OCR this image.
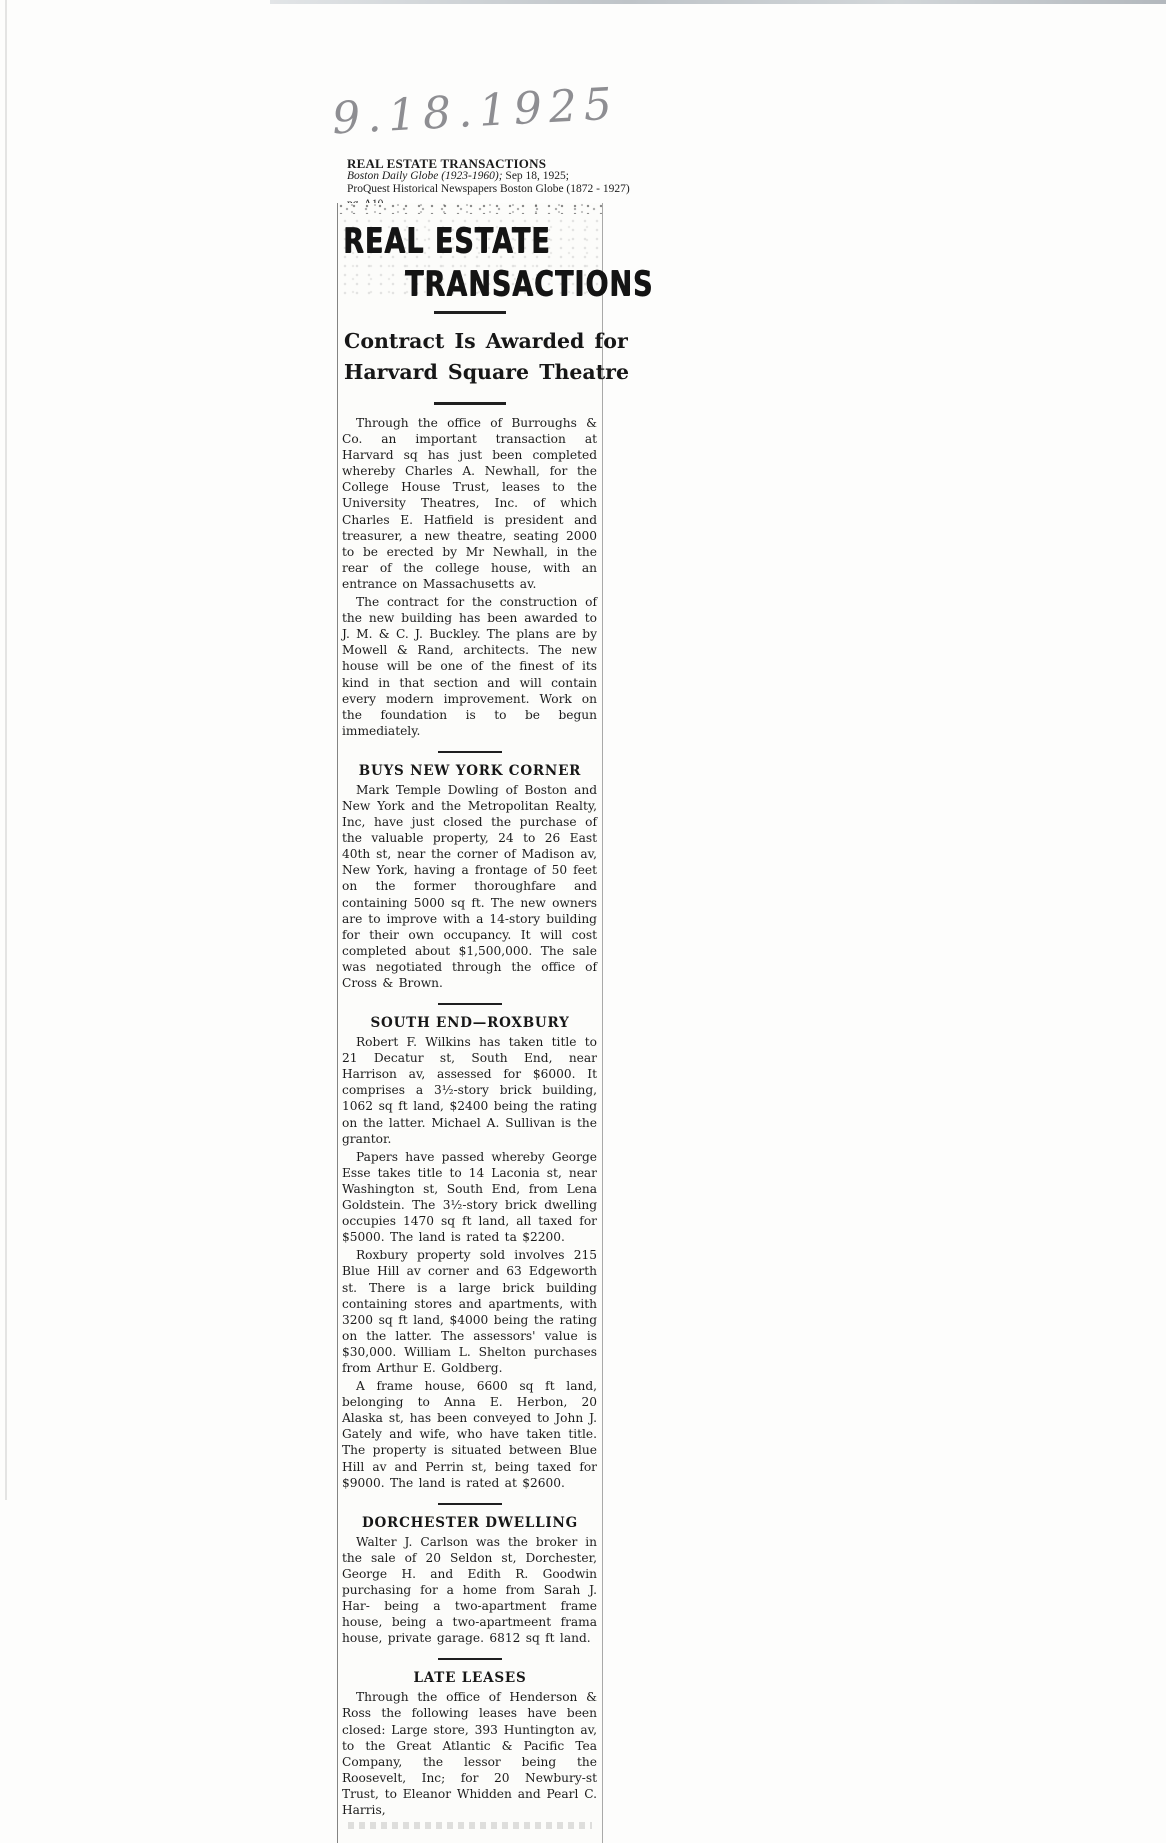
9.18.1925
REAL ESTATE TRANSACTIONS
Boston Daily Globe (1923-1960); Sep 18, 1925;
ProQuest Historical Newspapers Boston Globe (1872 - 1927)
REAL ESTATE
TRANSACTIONS
Contract Is Awarded for
Harvard Square Theatre

Through the office of Burroughs & Co. an important transaction at Harvard sq has just been completed whereby Charles A. Newhall, for the College House Trust, leases to the University Theatres, Inc. of which Charles E. Hatfield is president and treasurer, a new theatre, seating 2000 to be erected by Mr Newhall, in the rear of the college house, with an entrance on Massachusetts av.

The contract for the construction of the new building has been awarded to J. M. & C. J. Buckley. The plans are by Mowell & Rand, architects. The new house will be one of the finest of its kind in that section and will contain every modern improvement. Work on the foundation is to be begun immediately.

BUYS NEW YORK CORNER

Mark Temple Dowling of Boston and New York and the Metropolitan Realty, Inc, have just closed the purchase of the valuable property, 24 to 26 East 40th st, near the corner of Madison av, New York, having a frontage of 50 feet on the former thoroughfare and containing 5000 sq ft. The new owners are to improve with a 14-story building for their own occupancy. It will cost completed about $1,500,000. The sale was negotiated through the office of Cross & Brown.

SOUTH END—ROXBURY

Robert F. Wilkins has taken title to 21 Decatur st, South End, near Harrison av, assessed for $6000. It comprises a 3½-story brick building, 1062 sq ft land, $2400 being the rating on the latter. Michael A. Sullivan is the grantor.

Papers have passed whereby George Esse takes title to 14 Laconia st, near Washington st, South End, from Lena Goldstein. The 3½-story brick dwelling occupies 1470 sq ft land, all taxed for $5000. The land is rated ta $2200.

Roxbury property sold involves 215 Blue Hill av corner and 63 Edgeworth st. There is a large brick building containing stores and apartments, with 3200 sq ft land, $4000 being the rating on the latter. The assessors' value is $30,000. William L. Shelton purchases from Arthur E. Goldberg.

A frame house, 6600 sq ft land, belonging to Anna E. Herbon, 20 Alaska st, has been conveyed to John J. Gately and wife, who have taken title. The property is situated between Blue Hill av and Perrin st, being taxed for $9000. The land is rated at $2600.

DORCHESTER DWELLING

Walter J. Carlson was the broker in the sale of 20 Seldon st, Dorchester, George H. and Edith R. Goodwin purchasing for a home from Sarah J. Har- being a two-apartment frame house, being a two-apartmeent frama house, private garage. 6812 sq ft land.

LATE LEASES

Through the office of Henderson & Ross the following leases have been closed: Large store, 393 Huntington av, to the Great Atlantic & Pacific Tea Company, the lessor being the Roosevelt, Inc; for 20 Newbury-st Trust, to Eleanor Whidden and Pearl C. Harris,
